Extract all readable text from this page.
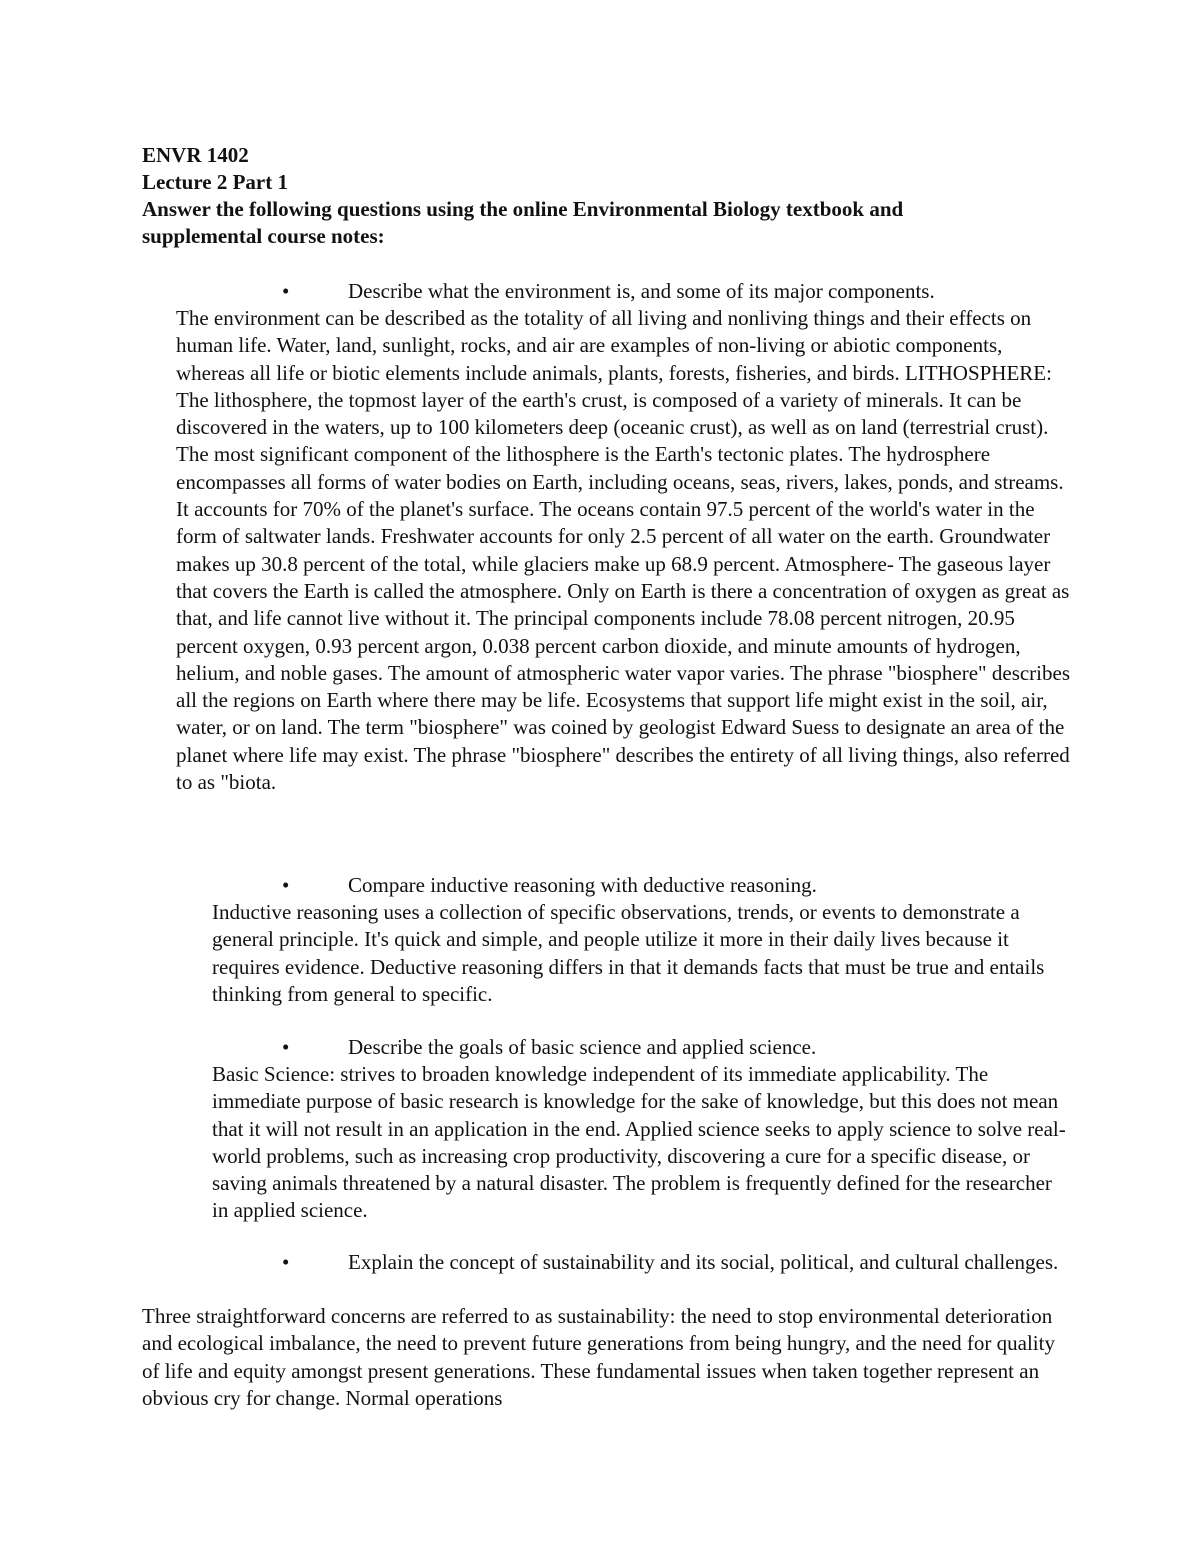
ENVR 1402

Lecture 2 Part 1

Answer the following questions using the online Environmental Biology textbook and supplemental course notes:

•	Describe what the environment is, and some of its major components.

The environment can be described as the totality of all living and nonliving things and their effects on human life. Water, land, sunlight, rocks, and air are examples of non-living or abiotic components, whereas all life or biotic elements include animals, plants, forests, fisheries, and birds. LITHOSPHERE: The lithosphere, the topmost layer of the earth's crust, is composed of a variety of minerals. It can be discovered in the waters, up to 100 kilometers deep (oceanic crust), as well as on land (terrestrial crust). The most significant component of the lithosphere is the Earth's tectonic plates. The hydrosphere encompasses all forms of water bodies on Earth, including oceans, seas, rivers, lakes, ponds, and streams. It accounts for 70% of the planet's surface. The oceans contain 97.5 percent of the world's water in the form of saltwater lands. Freshwater accounts for only 2.5 percent of all water on the earth. Groundwater makes up 30.8 percent of the total, while glaciers make up 68.9 percent. Atmosphere- The gaseous layer that covers the Earth is called the atmosphere. Only on Earth is there a concentration of oxygen as great as that, and life cannot live without it. The principal components include 78.08 percent nitrogen, 20.95 percent oxygen, 0.93 percent argon, 0.038 percent carbon dioxide, and minute amounts of hydrogen, helium, and noble gases. The amount of atmospheric water vapor varies. The phrase "biosphere" describes all the regions on Earth where there may be life. Ecosystems that support life might exist in the soil, air, water, or on land. The term "biosphere" was coined by geologist Edward Suess to designate an area of the planet where life may exist. The phrase "biosphere" describes the entirety of all living things, also referred to as "biota.

•	Compare inductive reasoning with deductive reasoning.

Inductive reasoning uses a collection of specific observations, trends, or events to demonstrate a general principle. It's quick and simple, and people utilize it more in their daily lives because it requires evidence. Deductive reasoning differs in that it demands facts that must be true and entails thinking from general to specific.

•	Describe the goals of basic science and applied science.

Basic Science: strives to broaden knowledge independent of its immediate applicability. The immediate purpose of basic research is knowledge for the sake of knowledge, but this does not mean that it will not result in an application in the end. Applied science seeks to apply science to solve real-world problems, such as increasing crop productivity, discovering a cure for a specific disease, or saving animals threatened by a natural disaster. The problem is frequently defined for the researcher in applied science.

•	Explain the concept of sustainability and its social, political, and cultural challenges.

Three straightforward concerns are referred to as sustainability: the need to stop environmental deterioration and ecological imbalance, the need to prevent future generations from being hungry, and the need for quality of life and equity amongst present generations. These fundamental issues when taken together represent an obvious cry for change. Normal operations
